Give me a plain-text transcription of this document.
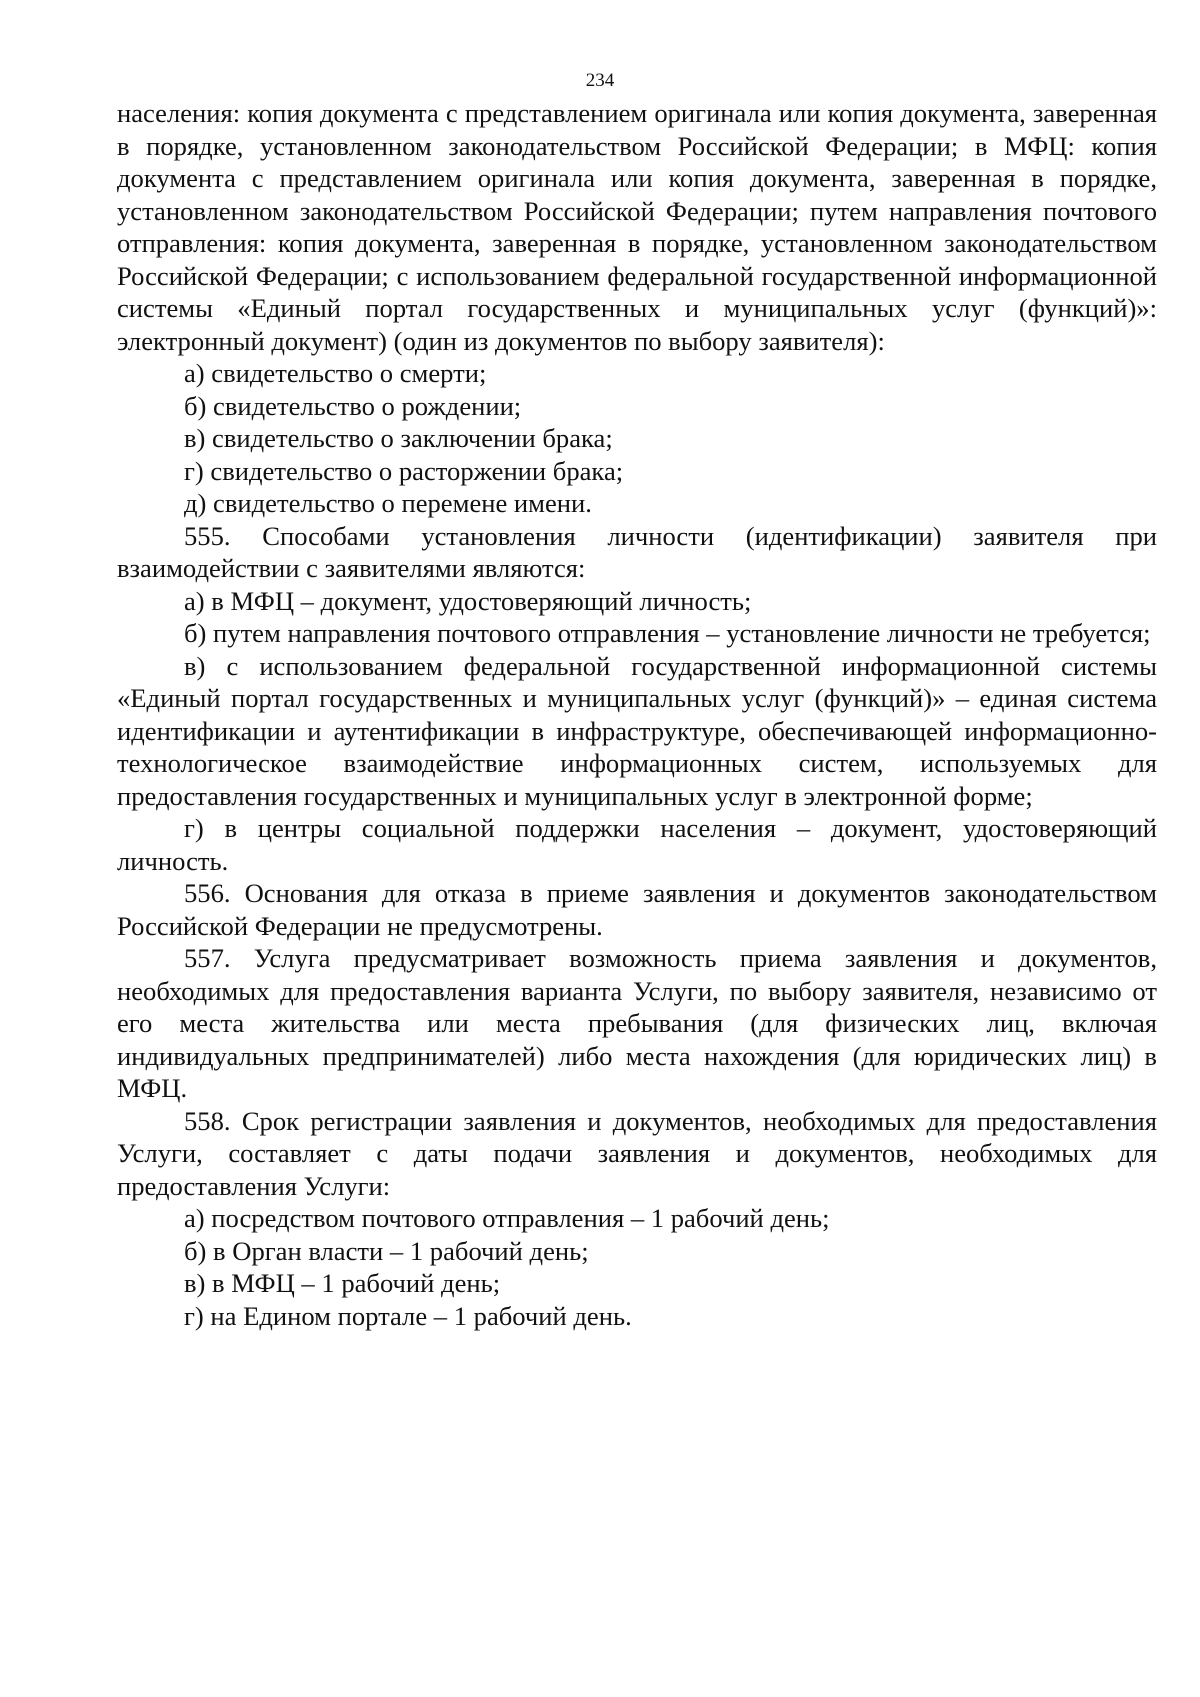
234

населения: копия документа с представлением оригинала или копия документа, заверенная в порядке, установленном законодательством Российской Федерации; в МФЦ: копия документа с представлением оригинала или копия документа, заверенная в порядке, установленном законодательством Российской Федерации; путем направления почтового отправления: копия документа, заверенная в порядке, установленном законодательством Российской Федерации; с использованием федеральной государственной информационной системы «Единый портал государственных и муниципальных услуг (функций)»: электронный документ) (один из документов по выбору заявителя):

а) свидетельство о смерти;

б) свидетельство о рождении;

в) свидетельство о заключении брака;

г) свидетельство о расторжении брака;

д) свидетельство о перемене имени.

555. Способами установления личности (идентификации) заявителя при взаимодействии с заявителями являются:

а) в МФЦ – документ, удостоверяющий личность;

б) путем направления почтового отправления – установление личности не требуется;

в) с использованием федеральной государственной информационной системы «Единый портал государственных и муниципальных услуг (функций)» – единая система идентификации и аутентификации в инфраструктуре, обеспечивающей информационно-технологическое взаимодействие информационных систем, используемых для предоставления государственных и муниципальных услуг в электронной форме;

г) в центры социальной поддержки населения – документ, удостоверяющий личность.

556. Основания для отказа в приеме заявления и документов законодательством Российской Федерации не предусмотрены.

557. Услуга предусматривает возможность приема заявления и документов, необходимых для предоставления варианта Услуги, по выбору заявителя, независимо от его места жительства или места пребывания (для физических лиц, включая индивидуальных предпринимателей) либо места нахождения (для юридических лиц) в МФЦ.

558. Срок регистрации заявления и документов, необходимых для предоставления Услуги, составляет с даты подачи заявления и документов, необходимых для предоставления Услуги:

а) посредством почтового отправления – 1 рабочий день;

б) в Орган власти – 1 рабочий день;

в) в МФЦ – 1 рабочий день;

г) на Едином портале – 1 рабочий день.
